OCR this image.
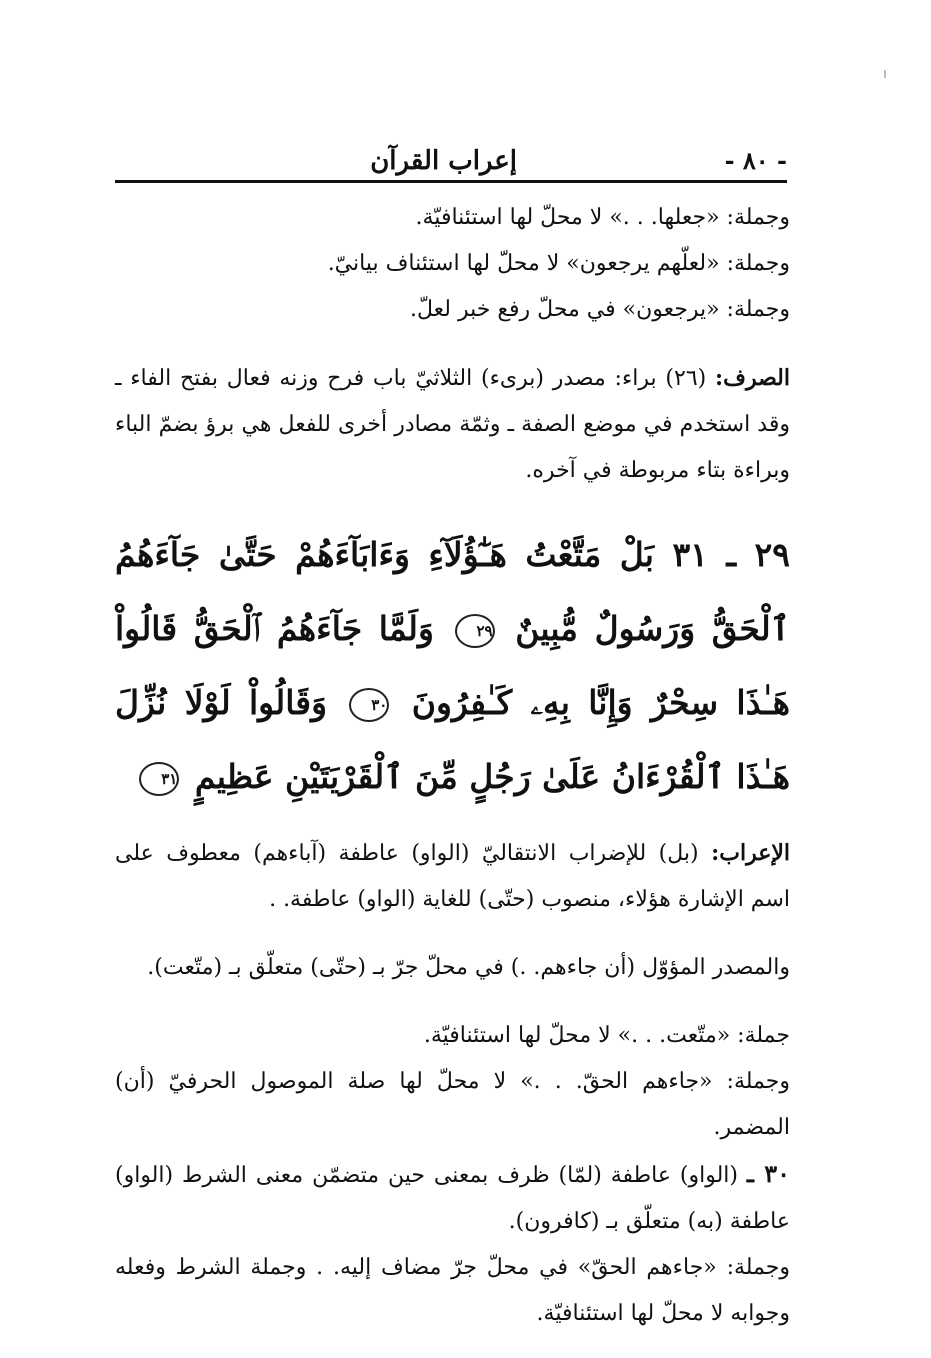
- ٨٠ -
إعراب القرآن

وجملة: «جعلها. . .» لا محلّ لها استئنافيّة.

وجملة: «لعلّهم يرجعون» لا محلّ لها استئناف بيانيّ.

وجملة: «يرجعون» في محلّ رفع خبر لعلّ.

الصرف: (٢٦) براء: مصدر (برىء) الثلاثيّ باب فرح وزنه فعال بفتح الفاء ـ وقد استخدم في موضع الصفة ـ وثمّة مصادر أخرى للفعل هي برؤ بضمّ الباء وبراءة بتاء مربوطة في آخره.

٢٩ ـ ٣١ بَلْ مَتَّعْتُ هَـٰٓؤُلَآءِ وَءَابَآءَهُمْ حَتَّىٰ جَآءَهُمُ ٱلْحَقُّ وَرَسُولٌ مُّبِينٌ ٢٩ وَلَمَّا جَآءَهُمُ ٱلْحَقُّ قَالُواْ هَـٰذَا سِحْرٌ وَإِنَّا بِهِۦ كَـٰفِرُونَ ٣٠ وَقَالُواْ لَوْلَا نُزِّلَ هَـٰذَا ٱلْقُرْءَانُ عَلَىٰ رَجُلٍ مِّنَ ٱلْقَرْيَتَيْنِ عَظِيمٍ ٣١

الإعراب: (بل) للإضراب الانتقاليّ (الواو) عاطفة (آباءهم) معطوف على اسم الإشارة هؤلاء، منصوب (حتّى) للغاية (الواو) عاطفة. .

والمصدر المؤوّل (أن جاءهم. .) في محلّ جرّ بـ (حتّى) متعلّق بـ (متّعت).

جملة: «متّعت. . .» لا محلّ لها استئنافيّة.

وجملة: «جاءهم الحقّ. . .» لا محلّ لها صلة الموصول الحرفيّ (أن) المضمر.

٣٠ ـ (الواو) عاطفة (لمّا) ظرف بمعنى حين متضمّن معنى الشرط (الواو) عاطفة (به) متعلّق بـ (كافرون).

وجملة: «جاءهم الحقّ» في محلّ جرّ مضاف إليه. . وجملة الشرط وفعله وجوابه لا محلّ لها استئنافيّة.
